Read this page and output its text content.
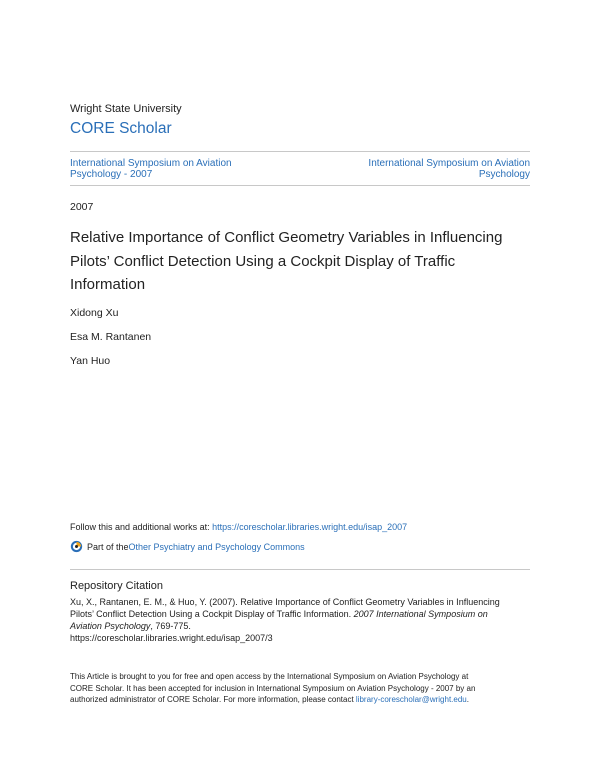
Wright State University
CORE Scholar
International Symposium on Aviation
Psychology - 2007
International Symposium on Aviation
Psychology
2007
Relative Importance of Conflict Geometry Variables in Influencing
Pilots’ Conflict Detection Using a Cockpit Display of Traffic
Information
Xidong Xu
Esa M. Rantanen
Yan Huo
Follow this and additional works at: https://corescholar.libraries.wright.edu/isap_2007
Part of the Other Psychiatry and Psychology Commons
Repository Citation
Xu, X., Rantanen, E. M., & Huo, Y. (2007). Relative Importance of Conflict Geometry Variables in Influencing
Pilots’ Conflict Detection Using a Cockpit Display of Traffic Information. 2007 International Symposium on
Aviation Psychology, 769-775.
https://corescholar.libraries.wright.edu/isap_2007/3
This Article is brought to you for free and open access by the International Symposium on Aviation Psychology at
CORE Scholar. It has been accepted for inclusion in International Symposium on Aviation Psychology - 2007 by an
authorized administrator of CORE Scholar. For more information, please contact library-corescholar@wright.edu.
